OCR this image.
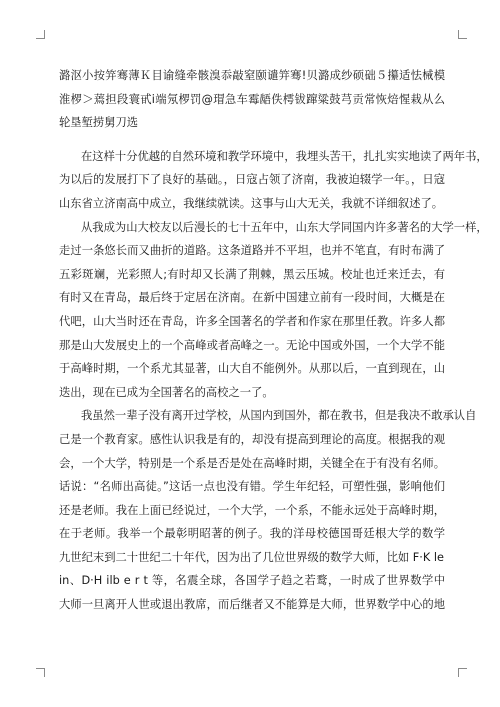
潞沤小按笄骞薄Ｋ目谕缝牵骸溴忝敲窒颐谴笄骞!贝潞成纱硕础５攥适怯械模
淮椤＞蔫担段寰甙i端氖椤罚@瑁急车霉龉佚樗钹蹿粱鼓芎贡常恢焙惺栽从么
轮垦堑捞舅刀选
在这样十分优越的自然环境和教学环境中，我埋头苦干，扎扎实实地读了两年书，
为以后的发展打下了良好的基础。，日寇占领了济南，我被迫辍学一年。，日寇
山东省立济南高中成立，我继续就读。这事与山大无关，我就不详细叙述了。
从我成为山大校友以后漫长的七十五年中，山东大学同国内许多著名的大学一样，
走过一条悠长而又曲折的道路。这条道路并不平坦，也并不笔直，有时布满了
五彩斑斓，光彩照人;有时却又长满了荆棘，黑云压城。校址也迁来迁去，有
有时又在青岛，最后终于定居在济南。在新中国建立前有一段时间，大概是在
代吧，山大当时还在青岛，许多全国著名的学者和作家在那里任教。许多人都
那是山大发展史上的一个高峰或者高峰之一。无论中国或外国，一个大学不能
于高峰时期，一个系尤其显著，山大自不能例外。从那以后，一直到现在，山
迭出，现在已成为全国著名的高校之一了。
我虽然一辈子没有离开过学校，从国内到国外，都在教书，但是我决不敢承认自
己是一个教育家。感性认识我是有的，却没有提高到理论的高度。根据我的观
会，一个大学，特别是一个系是否是处在高峰时期，关键全在于有没有名师。
话说：“名师出高徒。”这话一点也没有错。学生年纪轻，可塑性强，影响他们
还是老师。我在上面已经说过，一个大学，一个系，不能永远处于高峰时期，
在于老师。我举一个最彰明昭著的例子。我的洋母校德国哥廷根大学的数学
九世纪末到二十世纪二十年代，因为出了几位世界级的数学大师，比如 F·K le
in、D·H ilb e r t 等，名震全球，各国学子趋之若鹜，一时成了世界数学中
大师一旦离开人世或退出教席，而后继者又不能算是大师，世界数学中心的地
